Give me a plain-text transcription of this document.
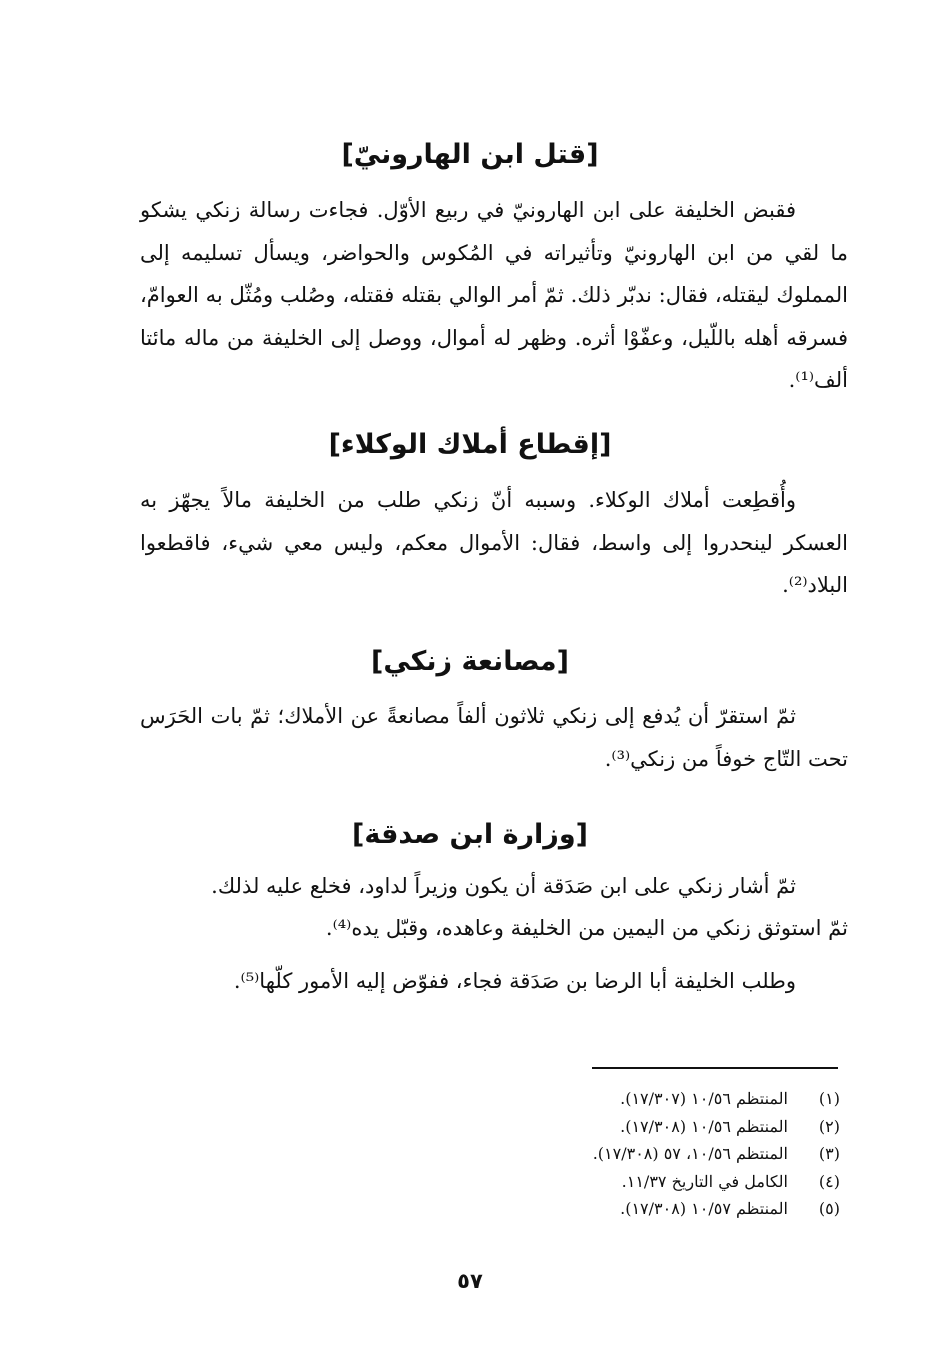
[قتل ابن الهارونيّ]
فقبض الخليفة على ابن الهارونيّ في ربيع الأوّل. فجاءت رسالة زنكي يشكو ما لقي من ابن الهارونيّ وتأثيراته في المُكوس والحواضر، ويسأل تسليمه إلى المملوك ليقتله، فقال: ندبّر ذلك. ثمّ أمر الوالي بقتله فقتله، وصُلب ومُثّل به العوامّ، فسرقه أهله باللّيل، وعفّوْا أثره. وظهر له أموال، ووصل إلى الخليفة من ماله مائتا ألف⁽¹⁾.
[إقطاع أملاك الوكلاء]
وأُقطِعت أملاك الوكلاء. وسببه أنّ زنكي طلب من الخليفة مالاً يجهّز به العسكر لينحدروا إلى واسط، فقال: الأموال معكم، وليس معي شيء، فاقطعوا البلاد⁽²⁾.
[مصانعة زنكي]
ثمّ استقرّ أن يُدفع إلى زنكي ثلاثون ألفاً مصانعةً عن الأملاك؛ ثمّ بات الحَرَس تحت التّاج خوفاً من زنكي⁽³⁾.
[وزارة ابن صدقة]
ثمّ أشار زنكي على ابن صَدَقة أن يكون وزيراً لداود، فخلع عليه لذلك.
ثمّ استوثق زنكي من اليمين من الخليفة وعاهده، وقبّل يده⁽⁴⁾.
وطلب الخليفة أبا الرضا بن صَدَقة فجاء، ففوّض إليه الأمور كلّها⁽⁵⁾.
(١)
المنتظم ١٠/٥٦ (١٧/٣٠٧).
(٢)
المنتظم ١٠/٥٦ (١٧/٣٠٨).
(٣)
المنتظم ١٠/٥٦، ٥٧ (١٧/٣٠٨).
(٤)
الكامل في التاريخ ١١/٣٧.
(٥)
المنتظم ١٠/٥٧ (١٧/٣٠٨).
٥٧
